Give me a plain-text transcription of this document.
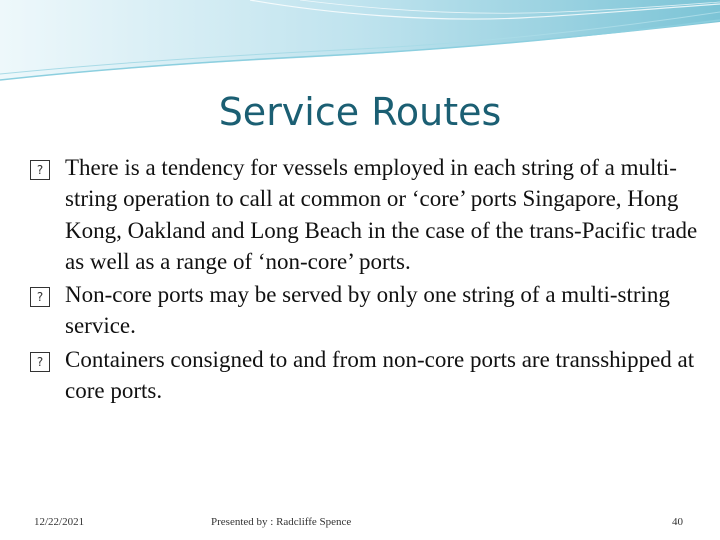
Service Routes
? There is a tendency for vessels employed in each string of a multi-string operation to call at common or ‘core’ ports Singapore, Hong Kong, Oakland and Long Beach in the case of the trans-Pacific trade as well as a range of ‘non-core’ ports.
? Non-core ports may be served by only one string of a multi-string service.
? Containers consigned to and from non-core ports are transshipped at core ports.
12/22/2021	Presented by : Radcliffe Spence	40
